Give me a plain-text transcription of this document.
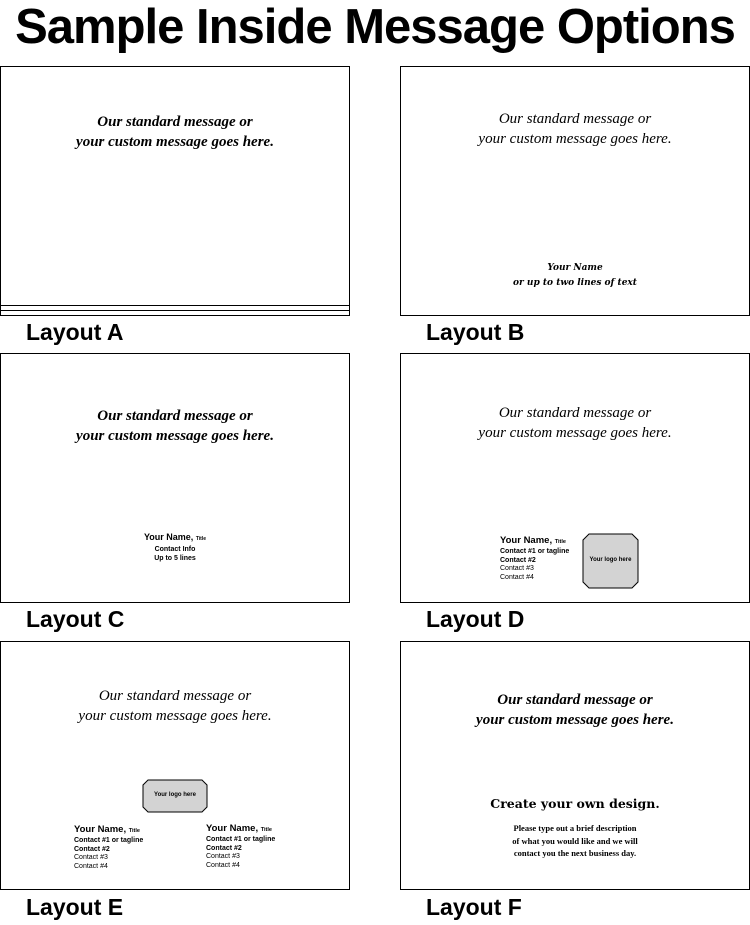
Sample Inside Message Options
Our standard message or
your custom message goes here.
Layout A
Our standard message or
your custom message goes here.
Your Name
or up to two lines of text
Layout B
Our standard message or
your custom message goes here.
Your Name, Title
Contact Info
Up to 5 lines
Layout C
Our standard message or
your custom message goes here.
Your Name, Title
Contact #1 or tagline
Contact #2
Contact #3
Contact #4
Your logo here
Layout D
Our standard message or
your custom message goes here.
Your logo here
Your Name, Title
Contact #1 or tagline
Contact #2
Contact #3
Contact #4
Your Name, Title
Contact #1 or tagline
Contact #2
Contact #3
Contact #4
Layout E
Our standard message or
your custom message goes here.
Create your own design.
Please type out a brief description
of what you would like and we will
contact you the next business day.
Layout F
